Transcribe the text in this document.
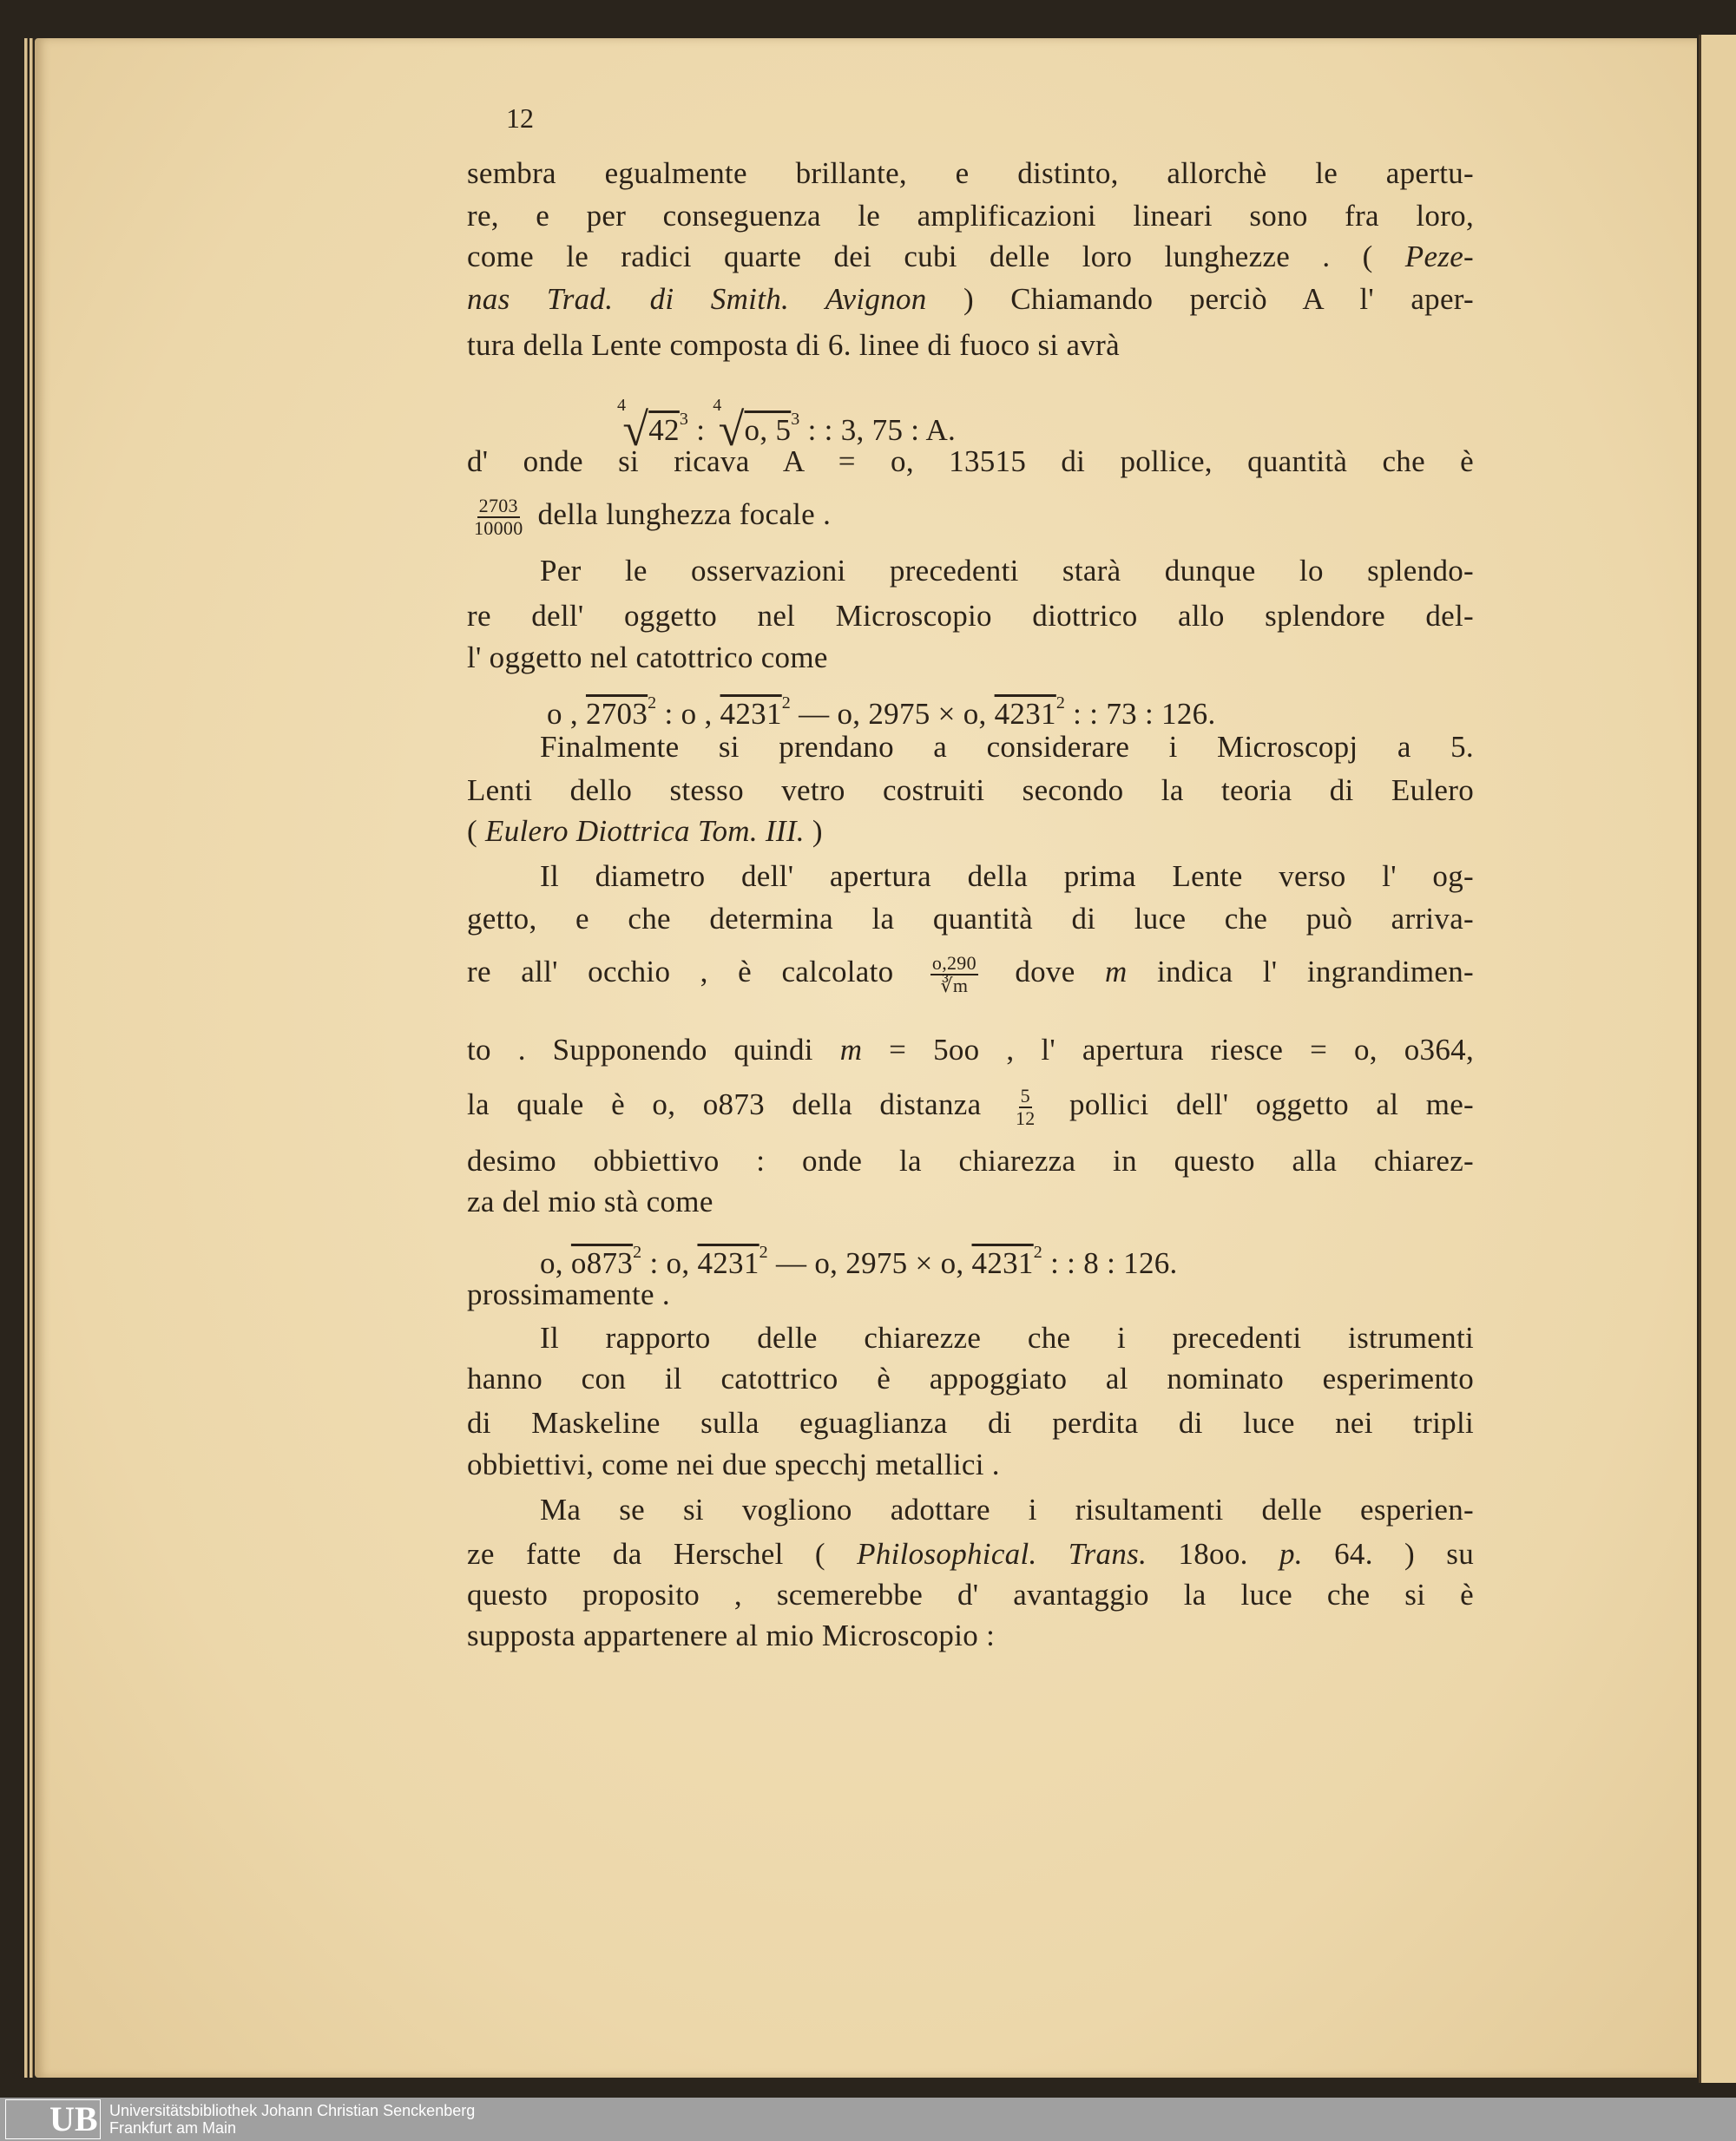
12
sembra egualmente brillante, e distinto, allorchè le apertu-
re, e per conseguenza le amplificazioni lineari sono fra loro,
come le radici quarte dei cubi delle loro lunghezze . ( Peze-
nas Trad. di Smith. Avignon ) Chiamando perciò A l' aper-
tura della Lente composta di 6. linee di fuoco si avrà
$^4√42^3$ : $^4$√o, $5^3$ : : 3, 75 : A.
d' onde si ricava A = o, 13515 di pollice, quantità che è
$\frac{2703}{10000}$ della lunghezza focale .
Per le osservazioni precedenti starà dunque lo splendo-
re dell' oggetto nel Microscopio diottrico allo splendore del-
l' oggetto nel catottrico come
o , 2703$^2$ : o , 4231$^2$ — o, 2975 × o, 4231$^2$ : : 73 : 126.
Finalmente si prendano a considerare i Microscopj a 5.
Lenti dello stesso vetro costruiti secondo la teoria di Eulero
( Eulero Diottrica Tom. III. )
Il diametro dell' apertura della prima Lente verso l' og-
getto, e che determina la quantità di luce che può arriva-
re all' occhio , è calcolato $\frac{o,290}{∛m}$ dove m indica l' ingrandimen-
to . Supponendo quindi m = 5oo , l' apertura riesce = o, o364,
la quale è o, o873 della distanza $\frac{5}{12}$ pollici dell' oggetto al me-
desimo obbiettivo : onde la chiarezza in questo alla chiarez-
za del mio stà come
o, $o873^2$ : o, 4231$^2$ — o, 2975 × o, 4231$^2$ : : 8 : 126.
prossimamente .
Il rapporto delle chiarezze che i precedenti istrumenti
hanno con il catottrico è appoggiato al nominato esperimento
di Maskeline sulla eguaglianza di perdita di luce nei tripli
obbiettivi, come nei due specchj metallici .
Ma se si vogliono adottare i risultamenti delle esperien-
ze fatte da Herschel ( Philosophical. Trans. 18oo. p. 64. ) su
questo proposito , scemerebbe d' avantaggio la luce che si è
supposta appartenere al mio Microscopio :
UB Universitätsbibliothek Johann Christian Senckenberg
Frankfurt am Main
